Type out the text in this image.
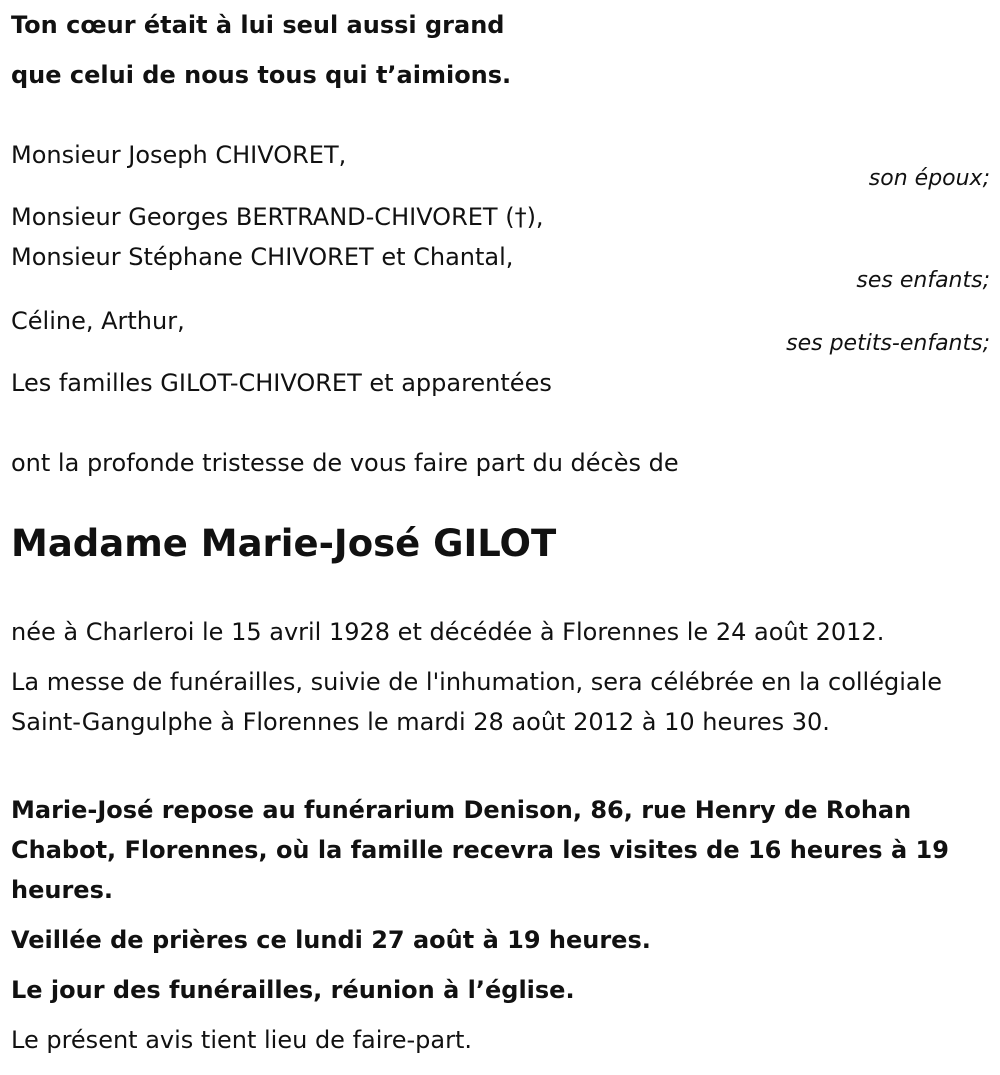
Ton cœur était à lui seul aussi grand
que celui de nous tous qui t’aimions.
Monsieur Joseph CHIVORET,
son époux;
Monsieur Georges BERTRAND-CHIVORET (†),
Monsieur Stéphane CHIVORET et Chantal,
ses enfants;
Céline, Arthur,
ses petits-enfants;
Les familles GILOT-CHIVORET et apparentées
ont la profonde tristesse de vous faire part du décès de
Madame Marie-José GILOT
née à Charleroi le 15 avril 1928 et décédée à Florennes le 24 août 2012.
La messe de funérailles, suivie de l'inhumation, sera célébrée en la collégiale Saint-Gangulphe à Florennes le mardi 28 août 2012 à 10 heures 30.
Marie-José repose au funérarium Denison, 86, rue Henry de Rohan Chabot, Florennes, où la famille recevra les visites de 16 heures à 19 heures.
Veillée de prières ce lundi 27 août à 19 heures.
Le jour des funérailles, réunion à l’église.
Le présent avis tient lieu de faire-part.
